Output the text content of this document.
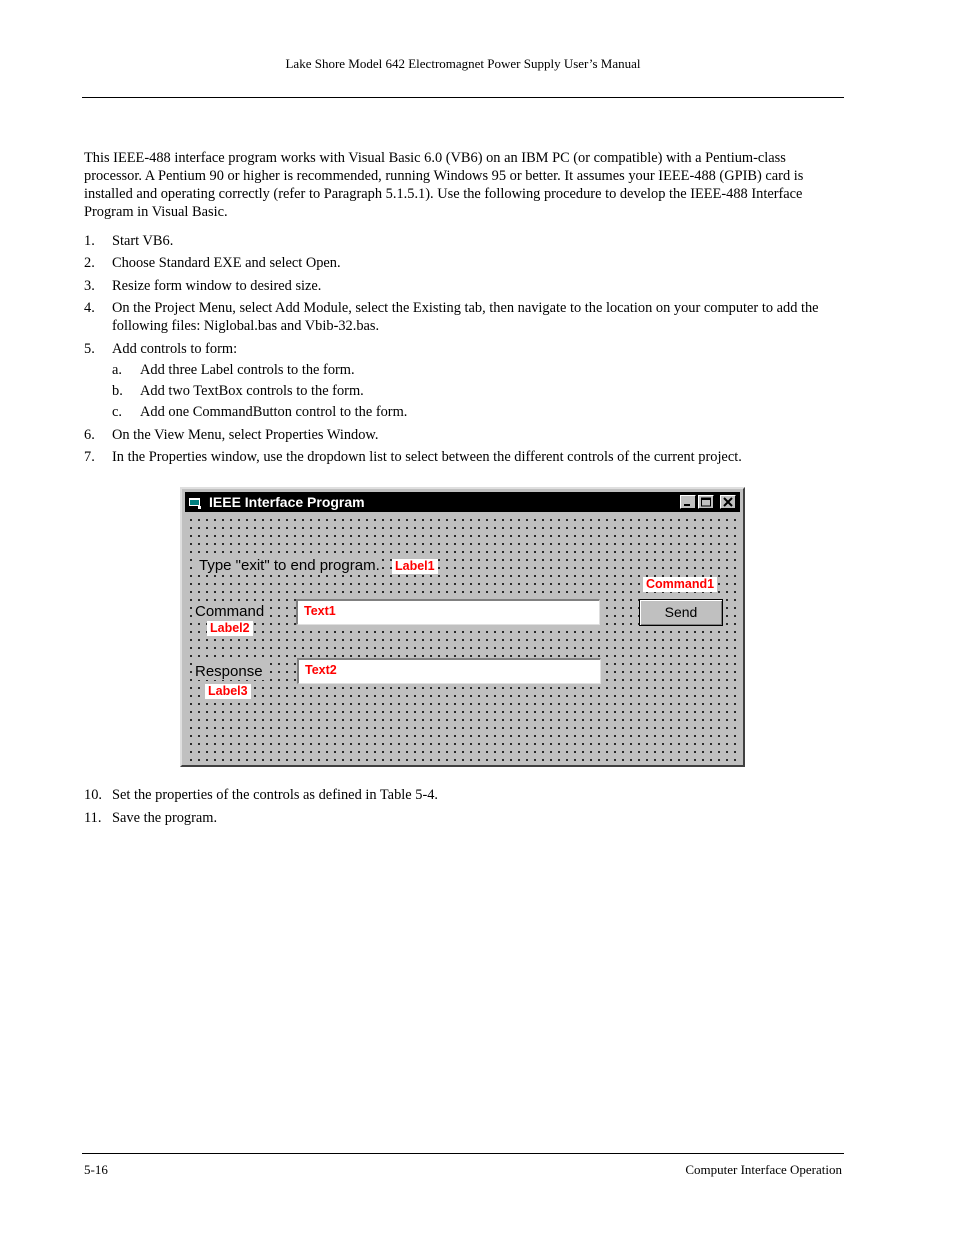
Lake Shore Model 642 Electromagnet Power Supply User’s Manual

This IEEE-488 interface program works with Visual Basic 6.0 (VB6) on an IBM PC (or compatible) with a Pentium-class processor. A Pentium 90 or higher is recommended, running Windows 95 or better. It assumes your IEEE-488 (GPIB) card is installed and operating correctly (refer to Paragraph 5.1.5.1). Use the following procedure to develop the IEEE-488 Interface Program in Visual Basic.

1. Start VB6.
2. Choose Standard EXE and select Open.
3. Resize form window to desired size.
4. On the Project Menu, select Add Module, select the Existing tab, then navigate to the location on your computer to add the following files: Niglobal.bas and Vbib-32.bas.
5. Add controls to form:
a. Add three Label controls to the form.
b. Add two TextBox controls to the form.
c. Add one CommandButton control to the form.
6. On the View Menu, select Properties Window.
7. In the Properties window, use the dropdown list to select between the different controls of the current project.
10. Set the properties of the controls as defined in Table 5-4.
11. Save the program.
IEEE Interface Program
Type "exit" to end program. Label1
Command1
Command
Label2
Text1	Send
Response
Label3
Text2
5-16	Computer Interface Operation
